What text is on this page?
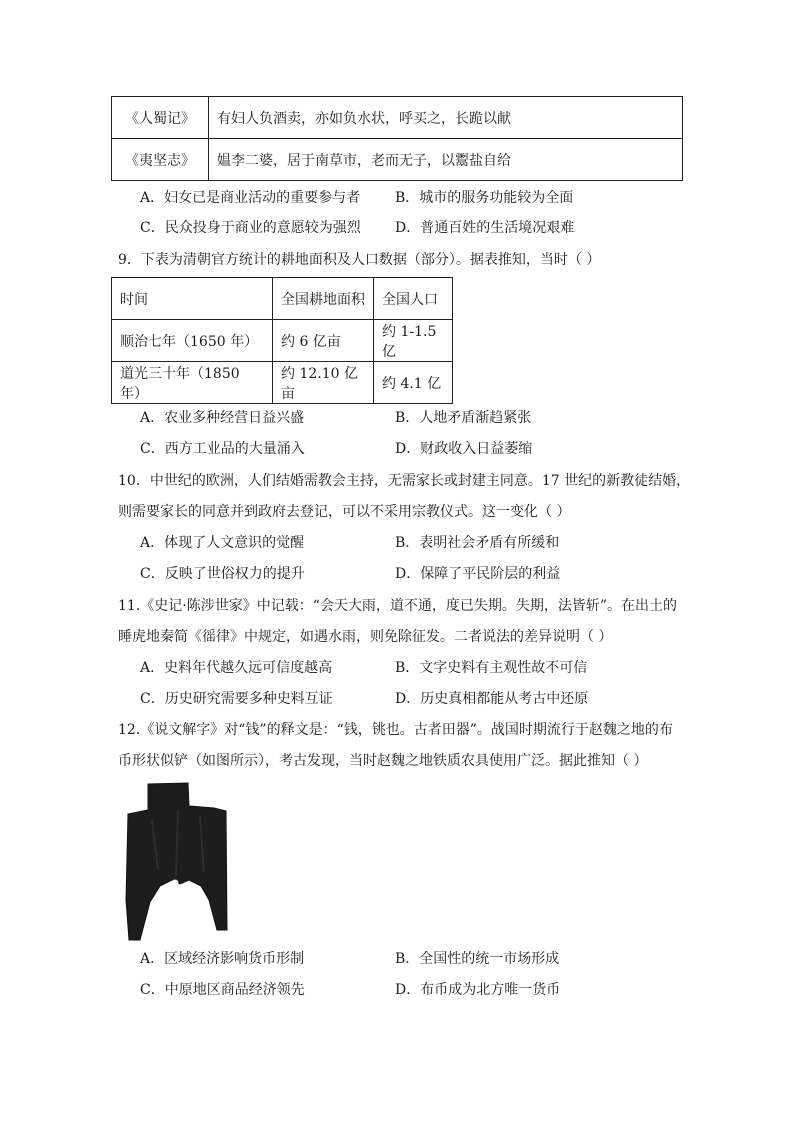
《人蜀记》	有妇人负酒卖，亦如负水状，呼买之，长跪以献
《夷坚志》	媪李二婆，居于南草市，老而无子，以鬻盐自给
A．妇女已是商业活动的重要参与者 B．城市的服务功能较为全面
C．民众投身于商业的意愿较为强烈 D．普通百姓的生活境况艰难
9．下表为清朝官方统计的耕地面积及人口数据（部分）。据表推知，当时（ ）
时间	全国耕地面积	全国人口
顺治七年（1650 年）	约 6 亿亩	约 1-1.5 亿
道光三十年（1850 年）	约 12.10 亿亩	约 4.1 亿
A．农业多种经营日益兴盛	B．人地矛盾渐趋紧张
C．西方工业品的大量涌入	D．财政收入日益萎缩
10．中世纪的欧洲，人们结婚需教会主持，无需家长或封建主同意。17 世纪的新教徒结婚，
则需要家长的同意并到政府去登记，可以不采用宗教仪式。这一变化（ ）
A．体现了人文意识的觉醒	B．表明社会矛盾有所缓和
C．反映了世俗权力的提升	D．保障了平民阶层的利益
11.《史记·陈涉世家》中记载：“会天大雨，道不通，度已失期。失期，法皆斩”。在出土的
睡虎地秦简《徭律》中规定，如遇水雨，则免除征发。二者说法的差异说明（ ）
A．史料年代越久远可信度越高	B．文字史料有主观性故不可信
C．历史研究需要多种史料互证	D．历史真相都能从考古中还原
12.《说文解字》对“钱”的释文是：“钱，铫也。古者田器”。战国时期流行于赵魏之地的布
币形状似铲（如图所示），考古发现，当时赵魏之地铁质农具使用广泛。据此推知（ ）
A．区域经济影响货币形制	B．全国性的统一市场形成
C．中原地区商品经济领先	D．布币成为北方唯一货币
